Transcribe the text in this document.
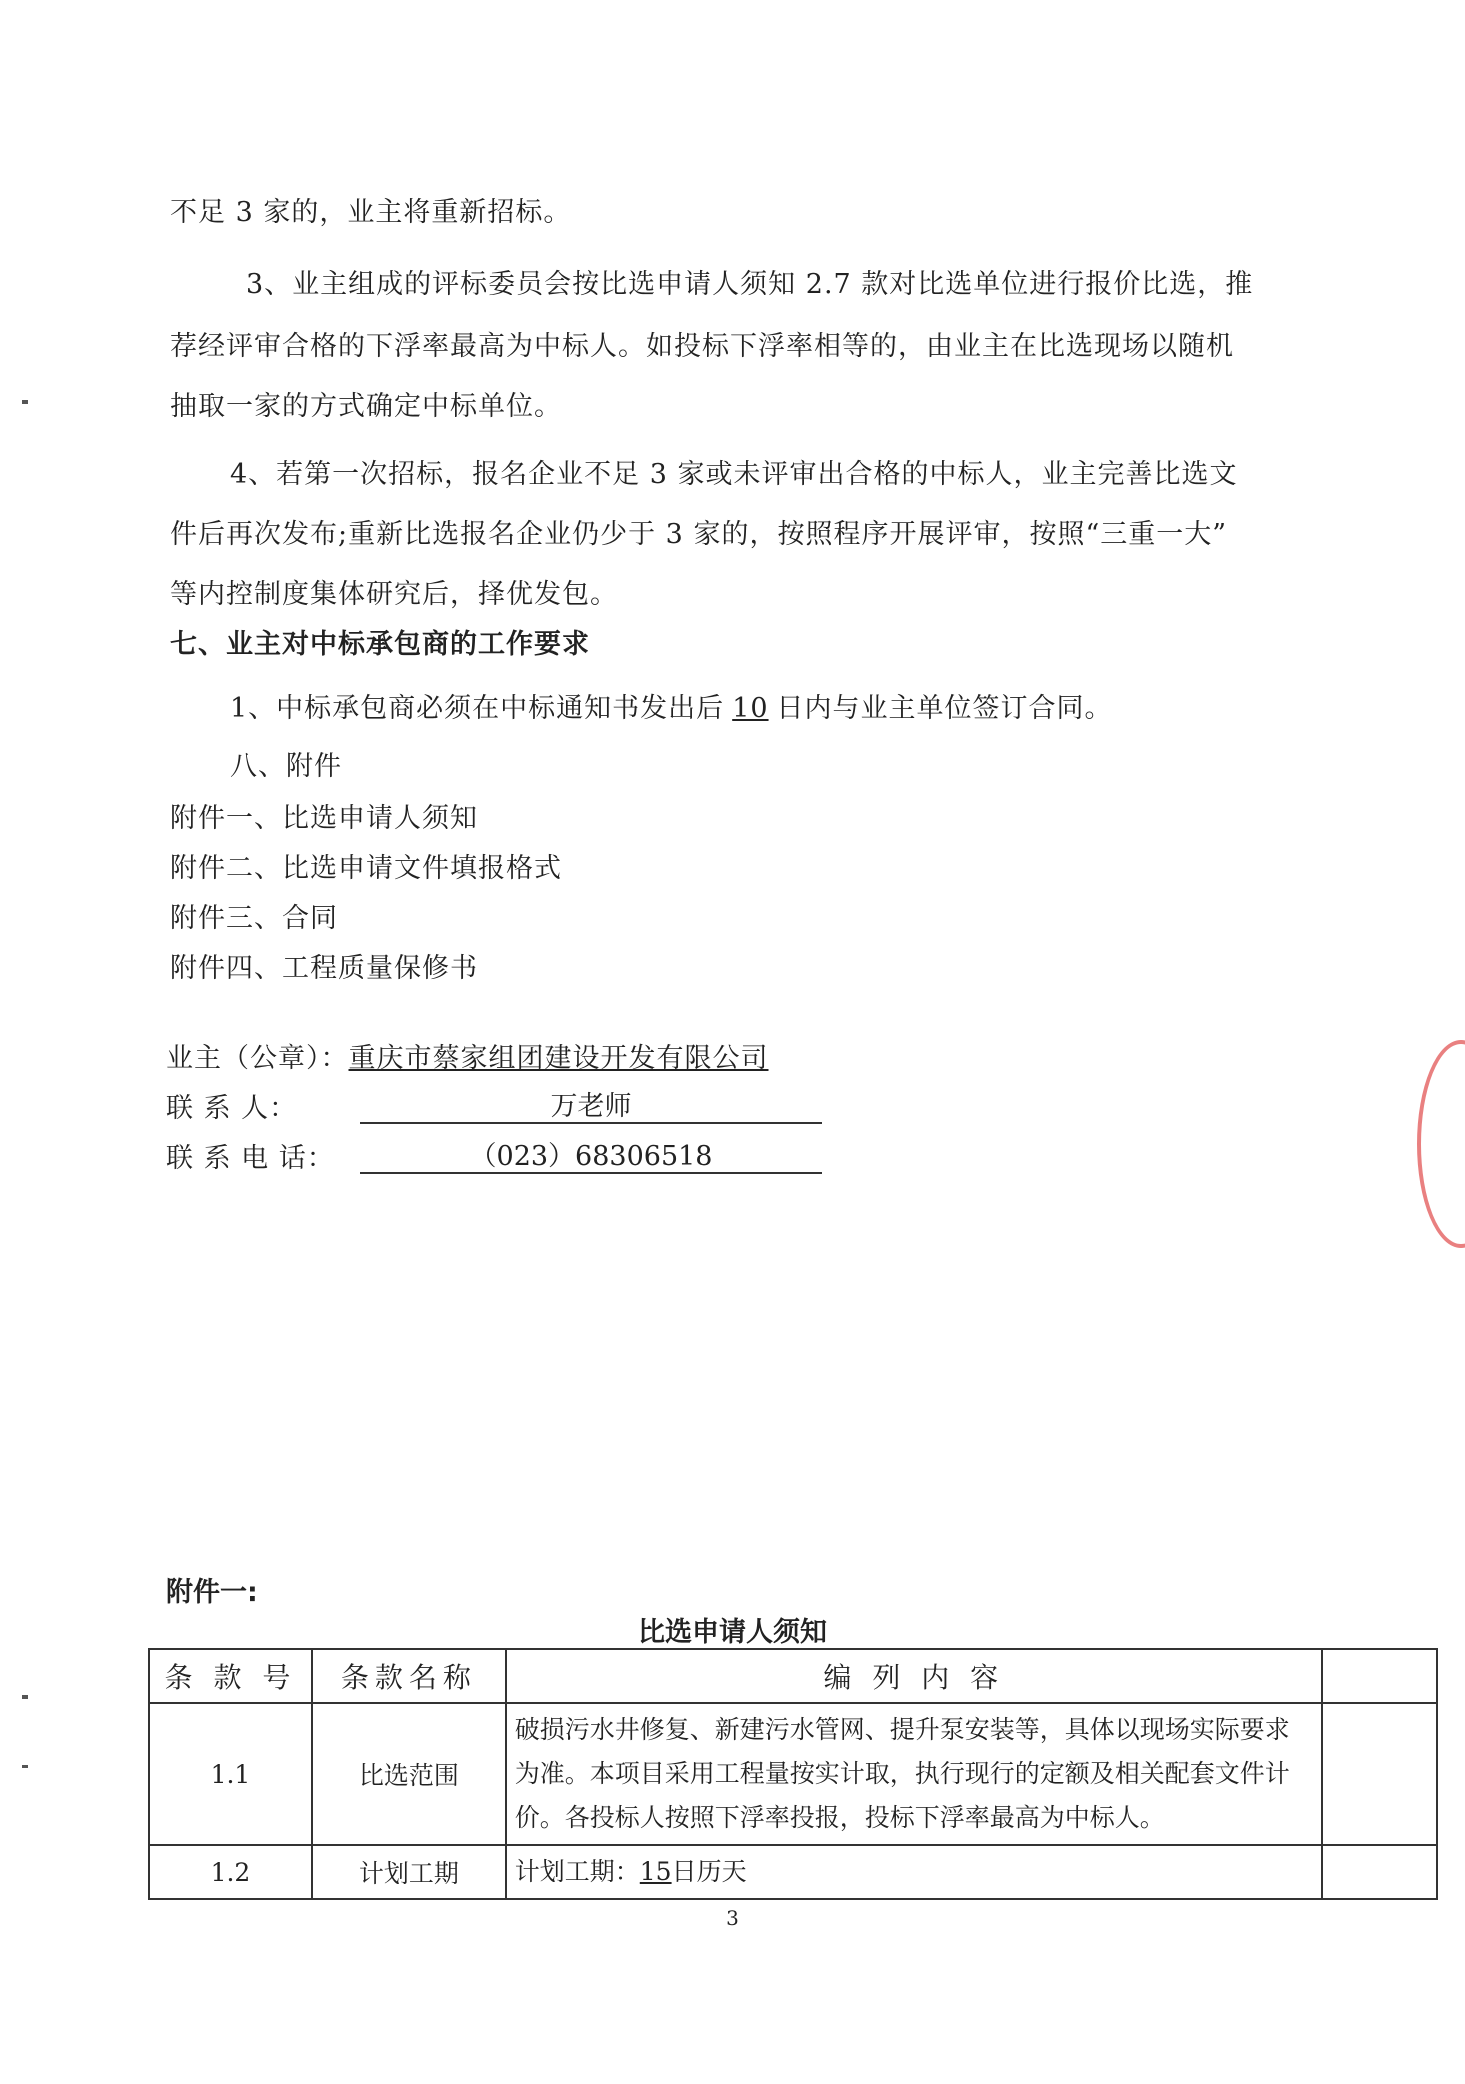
不足 3 家的，业主将重新招标。
3、业主组成的评标委员会按比选申请人须知 2.7 款对比选单位进行报价比选，推
荐经评审合格的下浮率最高为中标人。如投标下浮率相等的，由业主在比选现场以随机
抽取一家的方式确定中标单位。
4、若第一次招标，报名企业不足 3 家或未评审出合格的中标人，业主完善比选文
件后再次发布;重新比选报名企业仍少于 3 家的，按照程序开展评审，按照“三重一大”
等内控制度集体研究后，择优发包。
七、业主对中标承包商的工作要求
1、中标承包商必须在中标通知书发出后 10 日内与业主单位签订合同。
八、附件
附件一、比选申请人须知
附件二、比选申请文件填报格式
附件三、合同
附件四、工程质量保修书
业主（公章）：重庆市蔡家组团建设开发有限公司
联 系 人：	万老师
联 系 电 话：	（023）68306518
附件一:
比选申请人须知
条 款 号	条款名称	编 列 内 容	
1.1	比选范围	破损污水井修复、新建污水管网、提升泵安装等，具体以现场实际要求为准。本项目采用工程量按实计取，执行现行的定额及相关配套文件计价。各投标人按照下浮率投报，投标下浮率最高为中标人。	
1.2	计划工期	计划工期：15日历天	
3
